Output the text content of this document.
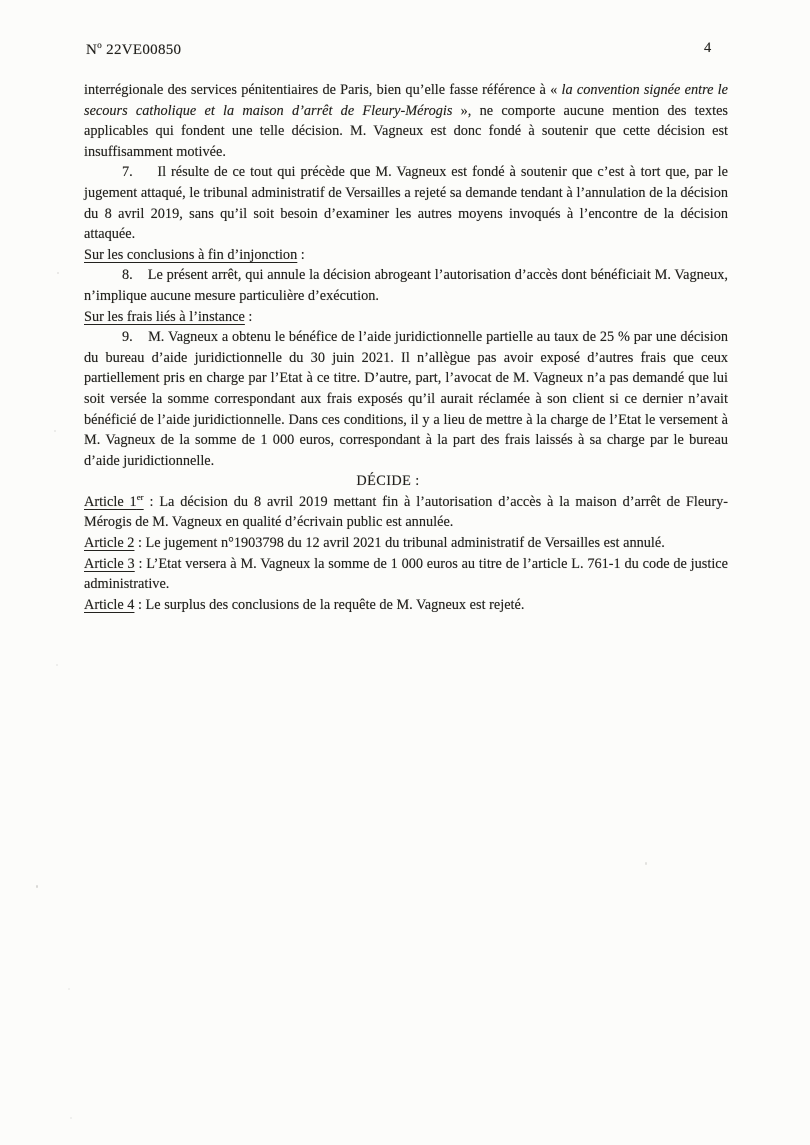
$N^o$ 22VE00850	4

interrégionale des services pénitentiaires de Paris, bien qu’elle fasse référence à « la convention signée entre le secours catholique et la maison d’arrêt de Fleury-Mérogis », ne comporte aucune mention des textes applicables qui fondent une telle décision. M. Vagneux est donc fondé à soutenir que cette décision est insuffisamment motivée.

7.     Il résulte de ce tout qui précède que M. Vagneux est fondé à soutenir que c’est à tort que, par le jugement attaqué, le tribunal administratif de Versailles a rejeté sa demande tendant à l’annulation de la décision du 8 avril 2019, sans qu’il soit besoin d’examiner les autres moyens invoqués à l’encontre de la décision attaquée.

Sur les conclusions à fin d’injonction :

8.    Le présent arrêt, qui annule la décision abrogeant l’autorisation d’accès dont bénéficiait M. Vagneux, n’implique aucune mesure particulière d’exécution.

Sur les frais liés à l’instance :

9.    M. Vagneux a obtenu le bénéfice de l’aide juridictionnelle partielle au taux de 25 % par une décision du bureau d’aide juridictionnelle du 30 juin 2021. Il n’allègue pas avoir exposé d’autres frais que ceux partiellement pris en charge par l’Etat à ce titre. D’autre, part, l’avocat de M. Vagneux n’a pas demandé que lui soit versée la somme correspondant aux frais exposés qu’il aurait réclamée à son client si ce dernier n’avait bénéficié de l’aide juridictionnelle. Dans ces conditions, il y a lieu de mettre à la charge de l’Etat le versement à M. Vagneux de la somme de 1 000 euros, correspondant à la part des frais laissés à sa charge par le bureau d’aide juridictionnelle.

DÉCIDE :

Article 1er : La décision du 8 avril 2019 mettant fin à l’autorisation d’accès à la maison d’arrêt de Fleury-Mérogis de M. Vagneux en qualité d’écrivain public est annulée.

Article 2 : Le jugement n°1903798 du 12 avril 2021 du tribunal administratif de Versailles est annulé.

Article 3 : L’Etat versera à M. Vagneux la somme de 1 000 euros au titre de l’article L. 761-1 du code de justice administrative.

Article 4 : Le surplus des conclusions de la requête de M. Vagneux est rejeté.
